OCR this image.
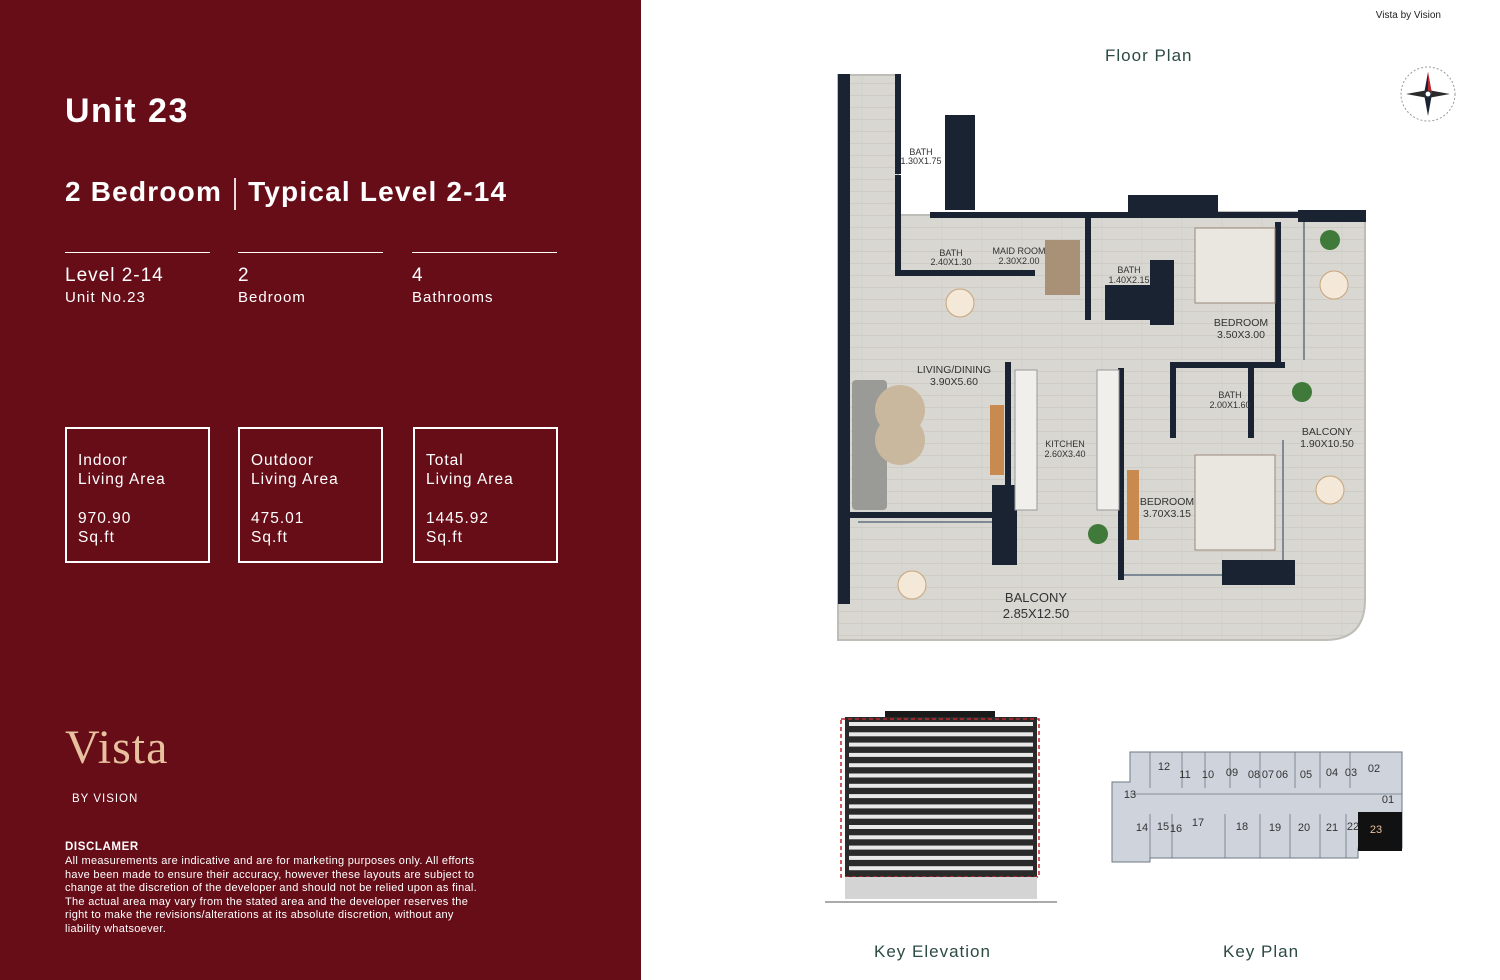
Unit 23
2 Bedroom Typical Level 2-14
Level 2-14
Unit No.23
2
Bedroom
4
Bathrooms
Indoor
Living Area
970.90
Sq.ft
Outdoor
Living Area
475.01
Sq.ft
Total
Living Area
1445.92
Sq.ft
Vista
BY VISION
DISCLAMER
All measurements are indicative and are for marketing purposes only. All efforts
have been made to ensure their accuracy, however these layouts are subject to
change at the discretion of the developer and should not be relied upon as final.
The actual area may vary from the stated area and the developer reserves the
right to make the revisions/alterations at its absolute discretion, without any
liability whatsoever.
Vista by Vision
Floor Plan
BATH
1.30X1.75
BATH
2.40X1.30
MAID ROOM
2.30X2.00
BATH
1.40X2.15
BATH
2.00X1.60
KITCHEN
2.60X3.40
BEDROOM
3.50X3.00
LIVING/DINING
3.90X5.60
BALCONY
1.90X10.50
BEDROOM
3.70X3.15
BALCONY
2.85X12.50
Key Elevation
12
11 10 09 08 07 06 05 04 03 02
13	01
14 15 16 17	18 19 20 21 22 23
Key Plan
